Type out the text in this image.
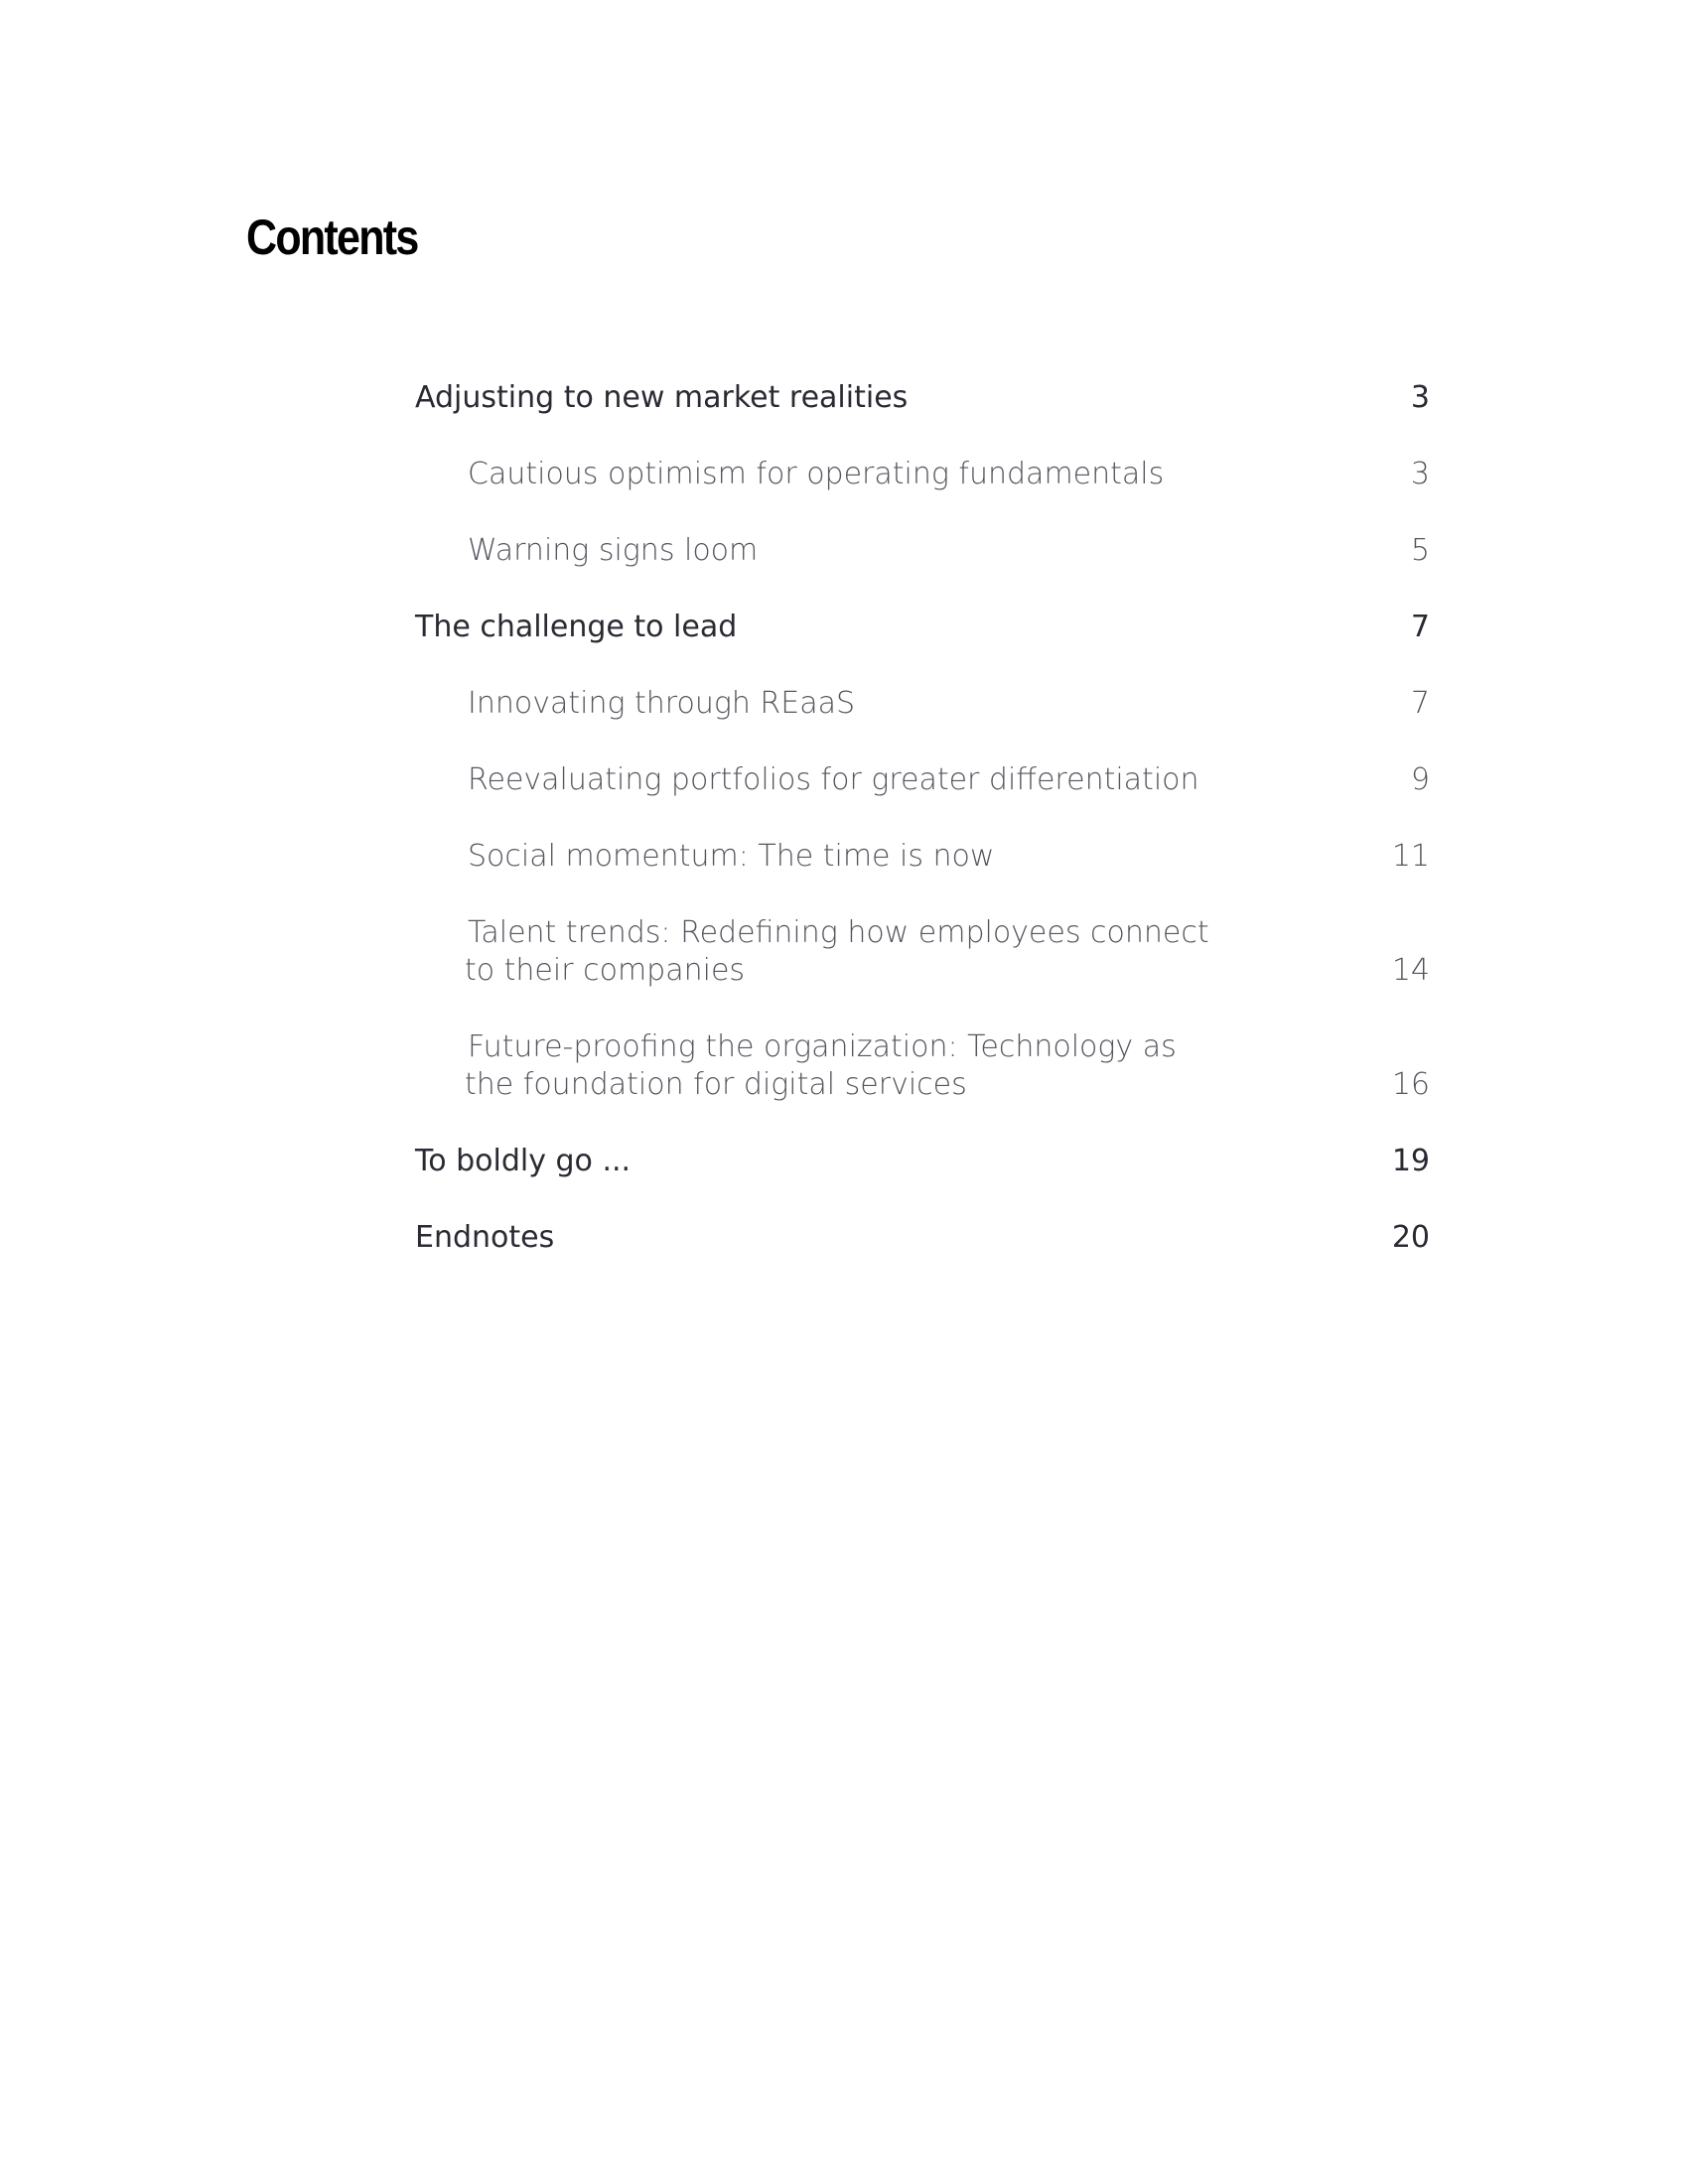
Contents
Adjusting to new market realities	3
Cautious optimism for operating fundamentals	3
Warning signs loom	5
The challenge to lead	7
Innovating through REaaS	7
Reevaluating portfolios for greater differentiation	9
Social momentum: The time is now	11
Talent trends: Redefining how employees connect
to their companies	14
Future-proofing the organization: Technology as
the foundation for digital services	16
To boldly go ...	19
Endnotes	20
